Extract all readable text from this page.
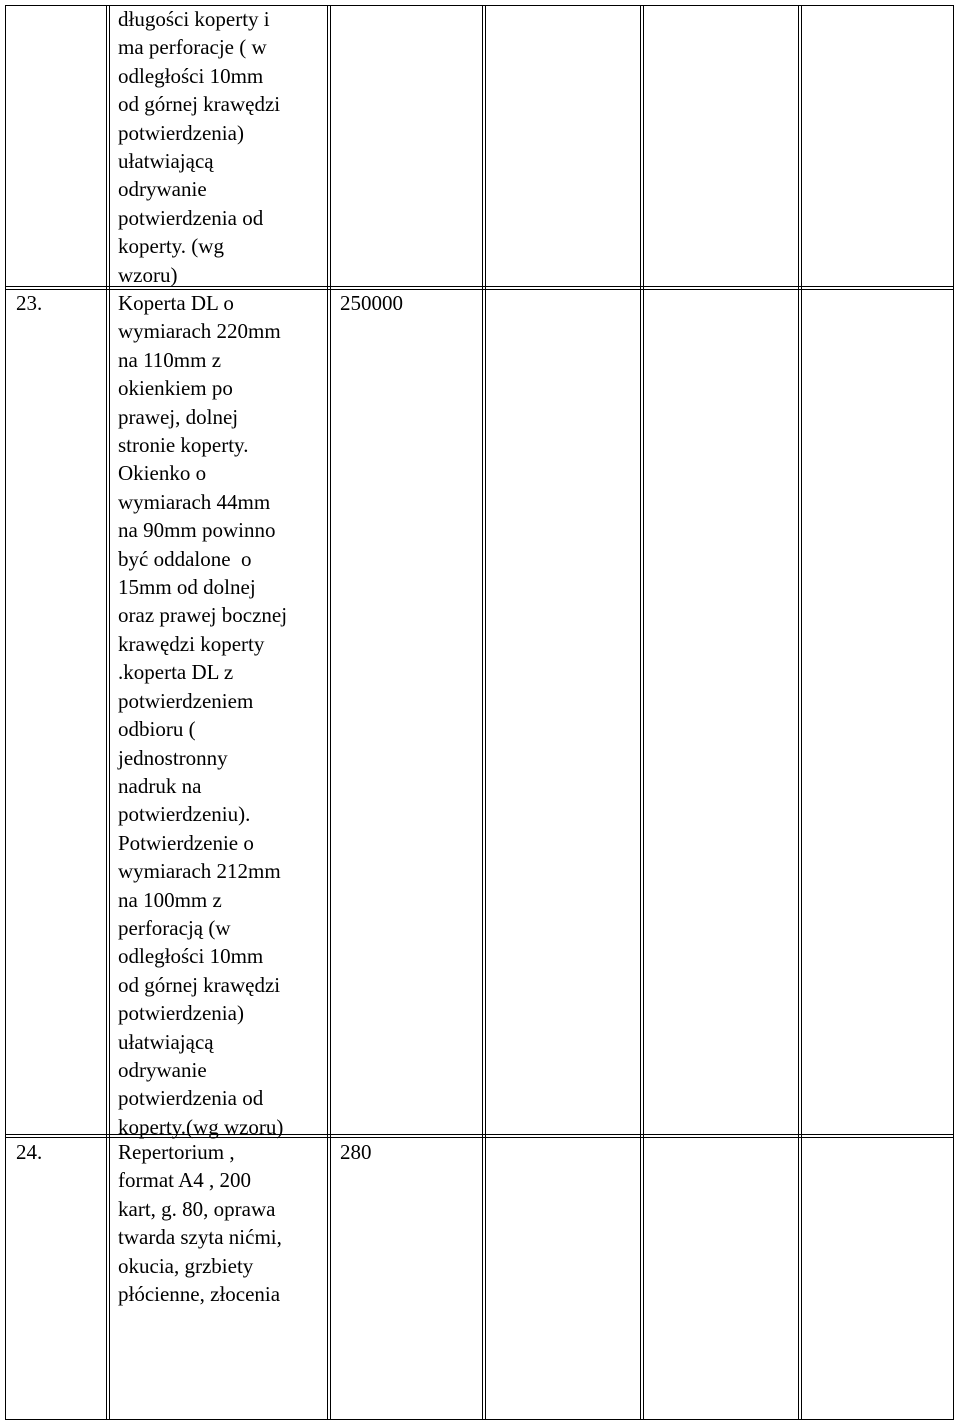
długości koperty i
ma perforacje ( w
odległości 10mm
od górnej krawędzi
potwierdzenia)
ułatwiającą
odrywanie
potwierdzenia od
koperty. (wg
wzoru)

23.	Koperta DL o
wymiarach 220mm
na 110mm z
okienkiem po
prawej, dolnej
stronie koperty.
Okienko o
wymiarach 44mm
na 90mm powinno
być oddalone  o
15mm od dolnej
oraz prawej bocznej
krawędzi koperty
.koperta DL z
potwierdzeniem
odbioru (
jednostronny
nadruk na
potwierdzeniu).
Potwierdzenie o
wymiarach 212mm
na 100mm z
perforacją (w
odległości 10mm
od górnej krawędzi
potwierdzenia)
ułatwiającą
odrywanie
potwierdzenia od
koperty.(wg wzoru)

250000

24.	Repertorium ,
format A4 , 200
kart, g. 80, oprawa
twarda szyta nićmi,
okucia, grzbiety
płócienne, złocenia

280
